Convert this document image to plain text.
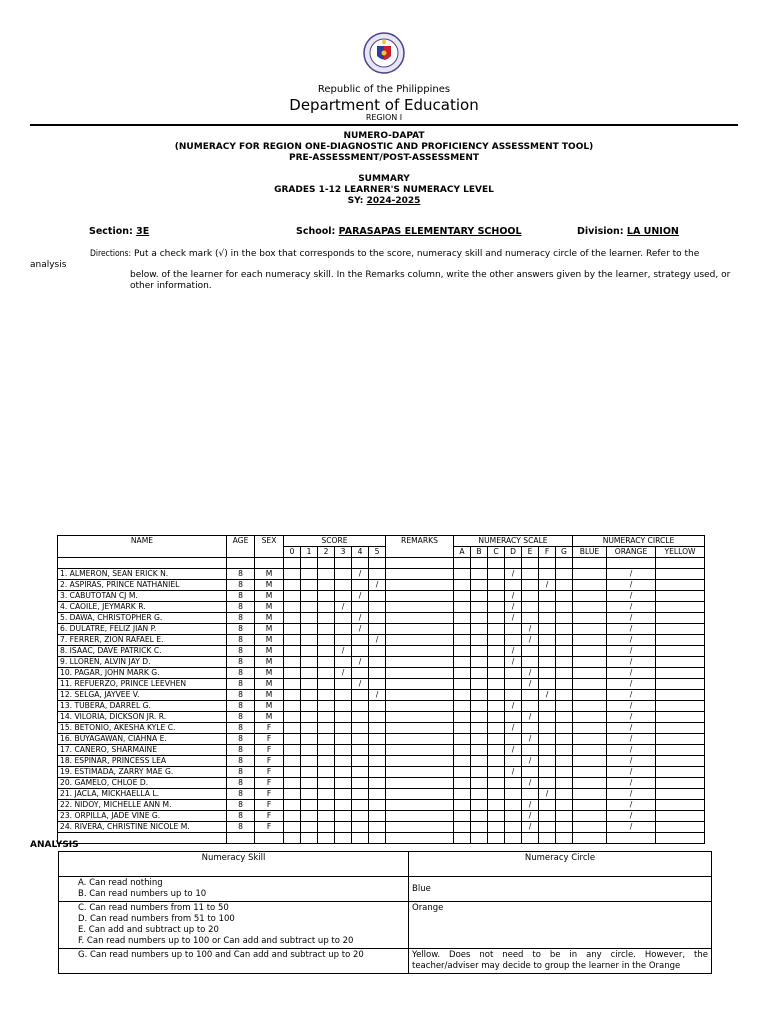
Republic of the Philippines
Department of Education
REGION I
NUMERO-DAPAT
(NUMERACY FOR REGION ONE-DIAGNOSTIC AND PROFICIENCY ASSESSMENT TOOL)
PRE-ASSESSMENT/POST-ASSESSMENT
SUMMARY
GRADES 1-12 LEARNER'S NUMERACY LEVEL
SY: 2024-2025
Section: 3E	School: PARASAPAS ELEMENTARY SCHOOL	Division: LA UNION
Directions: Put a check mark (√) in the box that corresponds to the score, numeracy skill and numeracy circle of the learner. Refer to the
analysis
below. of the learner for each numeracy skill. In the Remarks column, write the other answers given by the learner, strategy used, or other information.
NAME	AGE	SEX	SCORE						REMARKS	NUMERACY SCALE							NUMERACY CIRCLE		
			0	1	2	3	4	5		A	B	C	D	E	F	G	BLUE	ORANGE	YELLOW

1. ALMERON, SEAN ERICK N.	8	M					/						/					/	
2. ASPIRAS, PRINCE NATHANIEL	8	M						/							/			/	
3. CABUTOTAN CJ M.	8	M					/						/					/	
4. CAOILE, JEYMARK R.	8	M				/							/					/	
5. DAWA, CHRISTOPHER G.	8	M					/						/					/	
6. DULATRE, FELIZ JIAN P.	8	M					/							/				/	
7. FERRER, ZION RAFAEL E.	8	M						/						/				/	
8. ISAAC, DAVE PATRICK C.	8	M				/							/					/	
9. LLOREN, ALVIN JAY D.	8	M					/						/					/	
10. PAGAR, JOHN MARK G.	8	M				/								/				/	
11. REFUERZO, PRINCE LEEVHEN	8	M					/							/				/	
12. SELGA, JAYVEE V.	8	M						/							/			/	
13. TUBERA, DARREL G.	8	M											/					/	
14. VILORIA, DICKSON JR. R.	8	M												/				/	
15. BETONIO, AKESHA KYLE C.	8	F											/					/	
16. BUYAGAWAN, CIAHNA E.	8	F												/				/	
17. CAÑERO, SHARMAINE	8	F											/					/	
18. ESPINAR, PRINCESS LEA	8	F												/				/	
19. ESTIMADA, ZARRY MAE G.	8	F											/					/	
20. GAMELO, CHLOE D.	8	F												/				/	
21. JACLA, MICKHAELLA L.	8	F													/			/	
22. NIDOY, MICHELLE ANN M.	8	F												/				/	
23. ORPILLA, JADE VINE G.	8	F												/				/	
24. RIVERA, CHRISTINE NICOLE M.	8	F												/				/	

ANALYSIS
Numeracy Skill	Numeracy Circle

A. Can read nothing
B. Can read numbers up to 10	Blue

C. Can read numbers from 11 to 50
D. Can read numbers from 51 to 100
E. Can add and subtract up to 20
F. Can read numbers up to 100 or Can add and subtract up to 20	Orange

G. Can read numbers up to 100 and Can add and subtract up to 20	Yellow. Does not need to be in any circle. However, the teacher/adviser may decide to group the learner in the Orange
